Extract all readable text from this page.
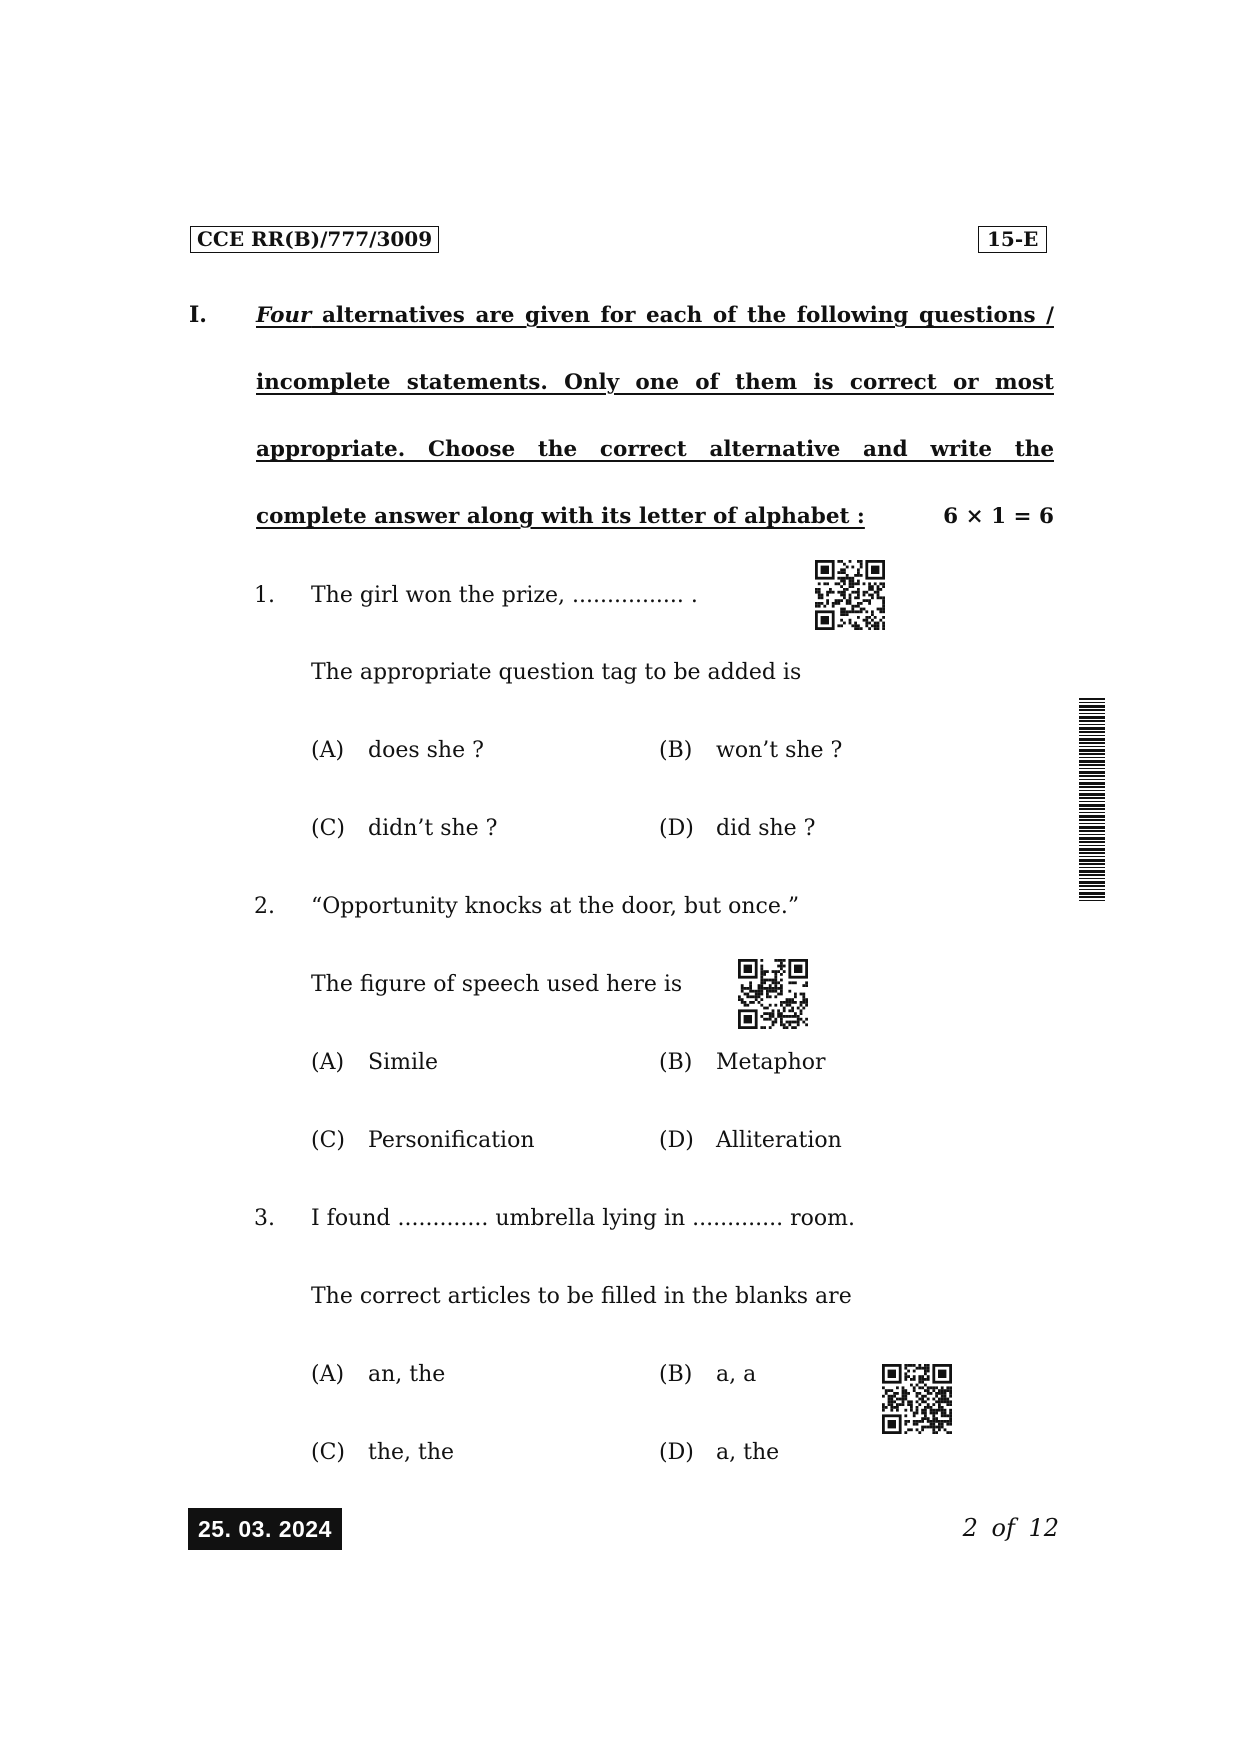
CCE RR(B)/777/3009	15-E
I. Four alternatives are given for each of the following questions /
incomplete statements. Only one of them is correct or most
appropriate. Choose the correct alternative and write the
complete answer along with its letter of alphabet :	6 × 1 = 6
1. The girl won the prize, ................ .
The appropriate question tag to be added is
(A) does she ?	(B) won’t she ?
(C) didn’t she ?	(D) did she ?
2. “Opportunity knocks at the door, but once.”
The figure of speech used here is
(A) Simile	(B) Metaphor
(C) Personification	(D) Alliteration
3. I found ............. umbrella lying in ............. room.
The correct articles to be filled in the blanks are
(A) an, the	(B) a, a
(C) the, the	(D) a, the
25. 03. 2024	2 of 12
